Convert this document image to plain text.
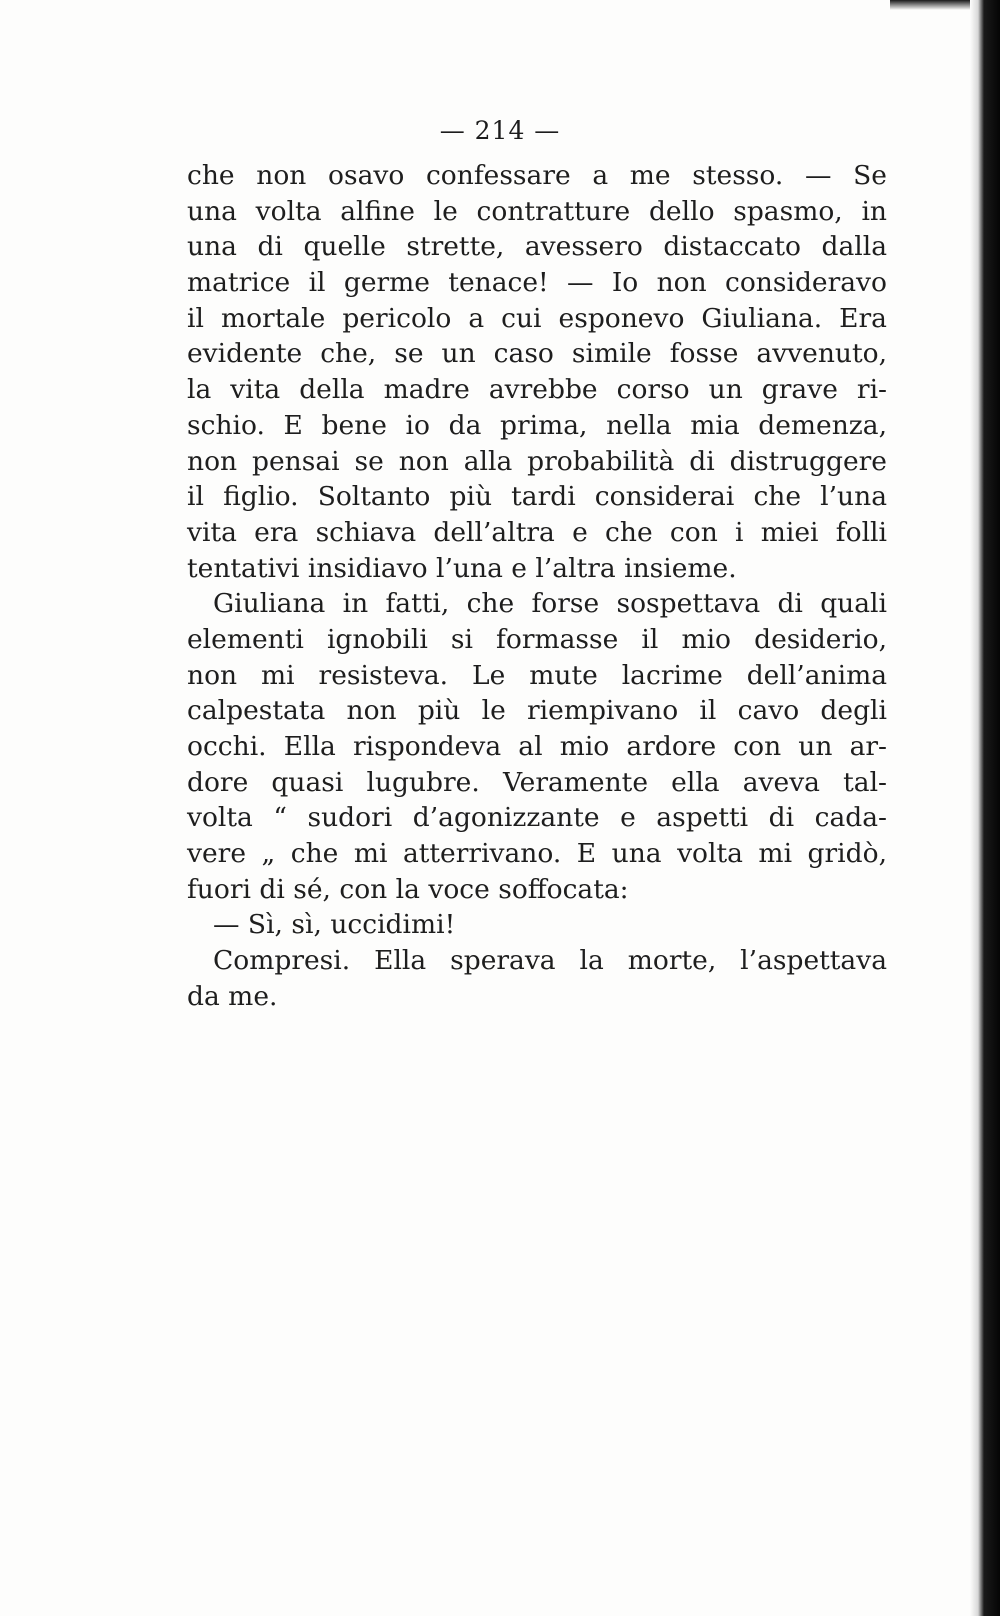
— 214 —
che non osavo confessare a me stesso. — Se
una volta alfine le contratture dello spasmo, in
una di quelle strette, avessero distaccato dalla
matrice il germe tenace! — Io non consideravo
il mortale pericolo a cui esponevo Giuliana. Era
evidente che, se un caso simile fosse avvenuto,
la vita della madre avrebbe corso un grave ri-
schio. E bene io da prima, nella mia demenza,
non pensai se non alla probabilità di distruggere
il figlio. Soltanto più tardi considerai che l’una
vita era schiava dell’altra e che con i miei folli
tentativi insidiavo l’una e l’altra insieme.
Giuliana in fatti, che forse sospettava di quali
elementi ignobili si formasse il mio desiderio,
non mi resisteva. Le mute lacrime dell’anima
calpestata non più le riempivano il cavo degli
occhi. Ella rispondeva al mio ardore con un ar-
dore quasi lugubre. Veramente ella aveva tal-
volta “ sudori d’agonizzante e aspetti di cada-
vere „ che mi atterrivano. E una volta mi gridò,
fuori di sé, con la voce soffocata:
— Sì, sì, uccidimi!
Compresi. Ella sperava la morte, l’aspettava
da me.
